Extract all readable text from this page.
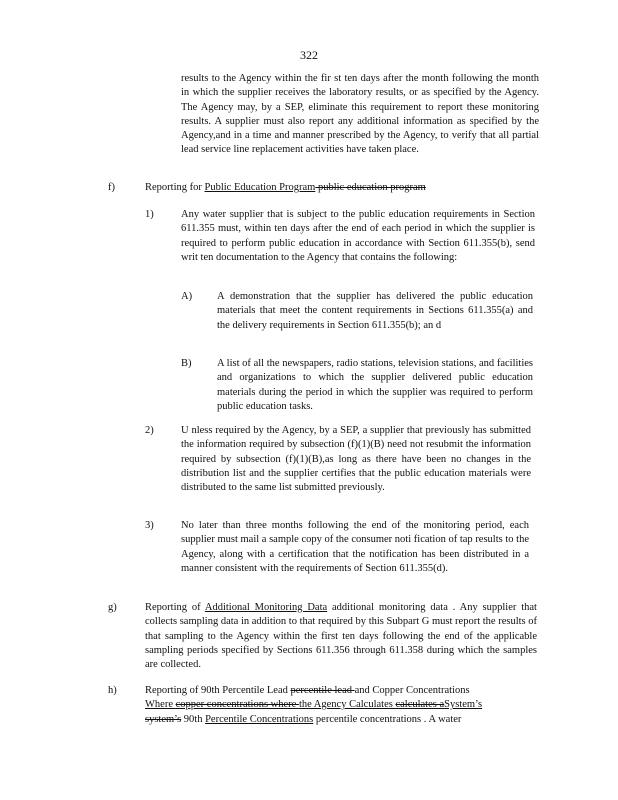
322
results to the Agency within the fir st ten days after the month following the month in which the supplier receives the laboratory results, or as specified by the Agency. The Agency may, by a SEP, eliminate this requirement to report these monitoring results. A supplier must also report any additional information as specified by the Agency,and in a time and manner prescribed by the Agency, to verify that all partial lead service line replacement activities have taken place.
f)	Reporting for Public Education Program public education program
1)	Any water supplier that is subject to the public education requirements in Section 611.355 must, within ten days after the end of each period in which the supplier is required to perform public education in accordance with Section 611.355(b), send writ ten documentation to the Agency that contains the following:
A) A demonstration that the supplier has delivered the public education materials that meet the content requirements in Sections 611.355(a) and the delivery requirements in Section 611.355(b); an d
B) A list of all the newspapers, radio stations, television stations, and facilities and organizations to which the supplier delivered public education materials during the period in which the supplier was required to perform public education tasks.
2)	U nless required by the Agency, by a SEP, a supplier that previously has submitted the information required by subsection (f)(1)(B) need not resubmit the information required by subsection (f)(1)(B),as long as there have been no changes in the distribution list and the supplier certifies that the public education materials were distributed to the same list submitted previously.
3)	No later than three months following the end of the monitoring period, each supplier must mail a sample copy of the consumer noti fication of tap results to the Agency, along with a certification that the notification has been distributed in a manner consistent with the requirements of Section 611.355(d).
g)	Reporting of Additional Monitoring Data additional monitoring data . Any supplier that collects sampling data in addition to that required by this Subpart G must report the results of that sampling to the Agency within the first ten days following the end of the applicable sampling periods specified by Sections 611.356 through 611.358 during which the samples are collected.
h)	Reporting of 90th Percentile Lead percentile lead and Copper Concentrations
Where copper concentrations where the Agency Calculates calculates aSystem’s
system’s 90th Percentile Concentrations percentile concentrations . A water
